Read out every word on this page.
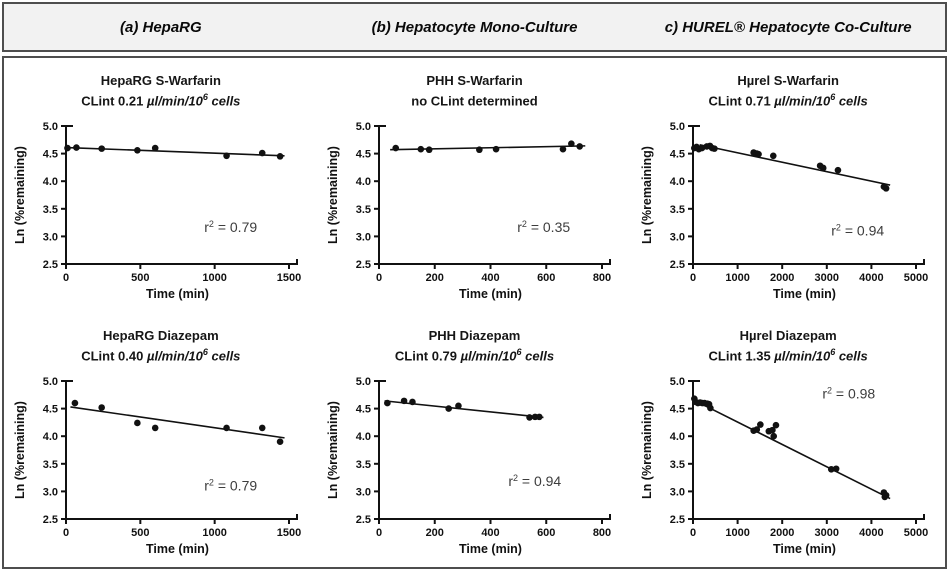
(a) HepaRG	(b) Hepatocyte Mono-Culture	c) HUREL® Hepatocyte Co-Culture
HepaRG S-Warfarin
CLint 0.21 $\mu l/\min/10^6$ cells
2.5
3.0
3.5
4.0
4.5
5.0
0	500	1000	1500
Time (min)
Ln (%remaining)	$r^2 = 0.79$
PHH S-Warfarin
no CLint determined
2.5
3.0
3.5
4.0
4.5
5.0
0	200	400	600	800
Time (min)
Ln (%remaining)	$r^2 = 0.35$
Hµrel S-Warfarin
CLint 0.71 $\mu l/\min/10^6$ cells
2.5
3.0
3.5
4.0
4.5
5.0
0	1000 2000 3000 4000 5000
Time (min)
Ln (%remaining)	$r^2 = 0.94$
HepaRG Diazepam
CLint 0.40 $\mu l/\min/10^6$ cells
2.5
3.0
3.5
4.0
4.5
5.0
0	500	1000	1500
Time (min)
Ln (%remaining)	$r^2 = 0.79$
PHH Diazepam
CLint 0.79 $\mu l/\min/10^6$ cells
2.5
3.0
3.5
4.0
4.5
5.0
0	200	400	600	800
Time (min)
Ln (%remaining)	$r^2 = 0.94$
Hµrel Diazepam
CLint 1.35 $\mu l/\min/10^6$ cells
2.5
3.0
3.5
4.0
4.5
5.0
0	1000 2000 3000 4000 5000
Time (min)
Ln (%remaining)
$r^2 = 0.98$
